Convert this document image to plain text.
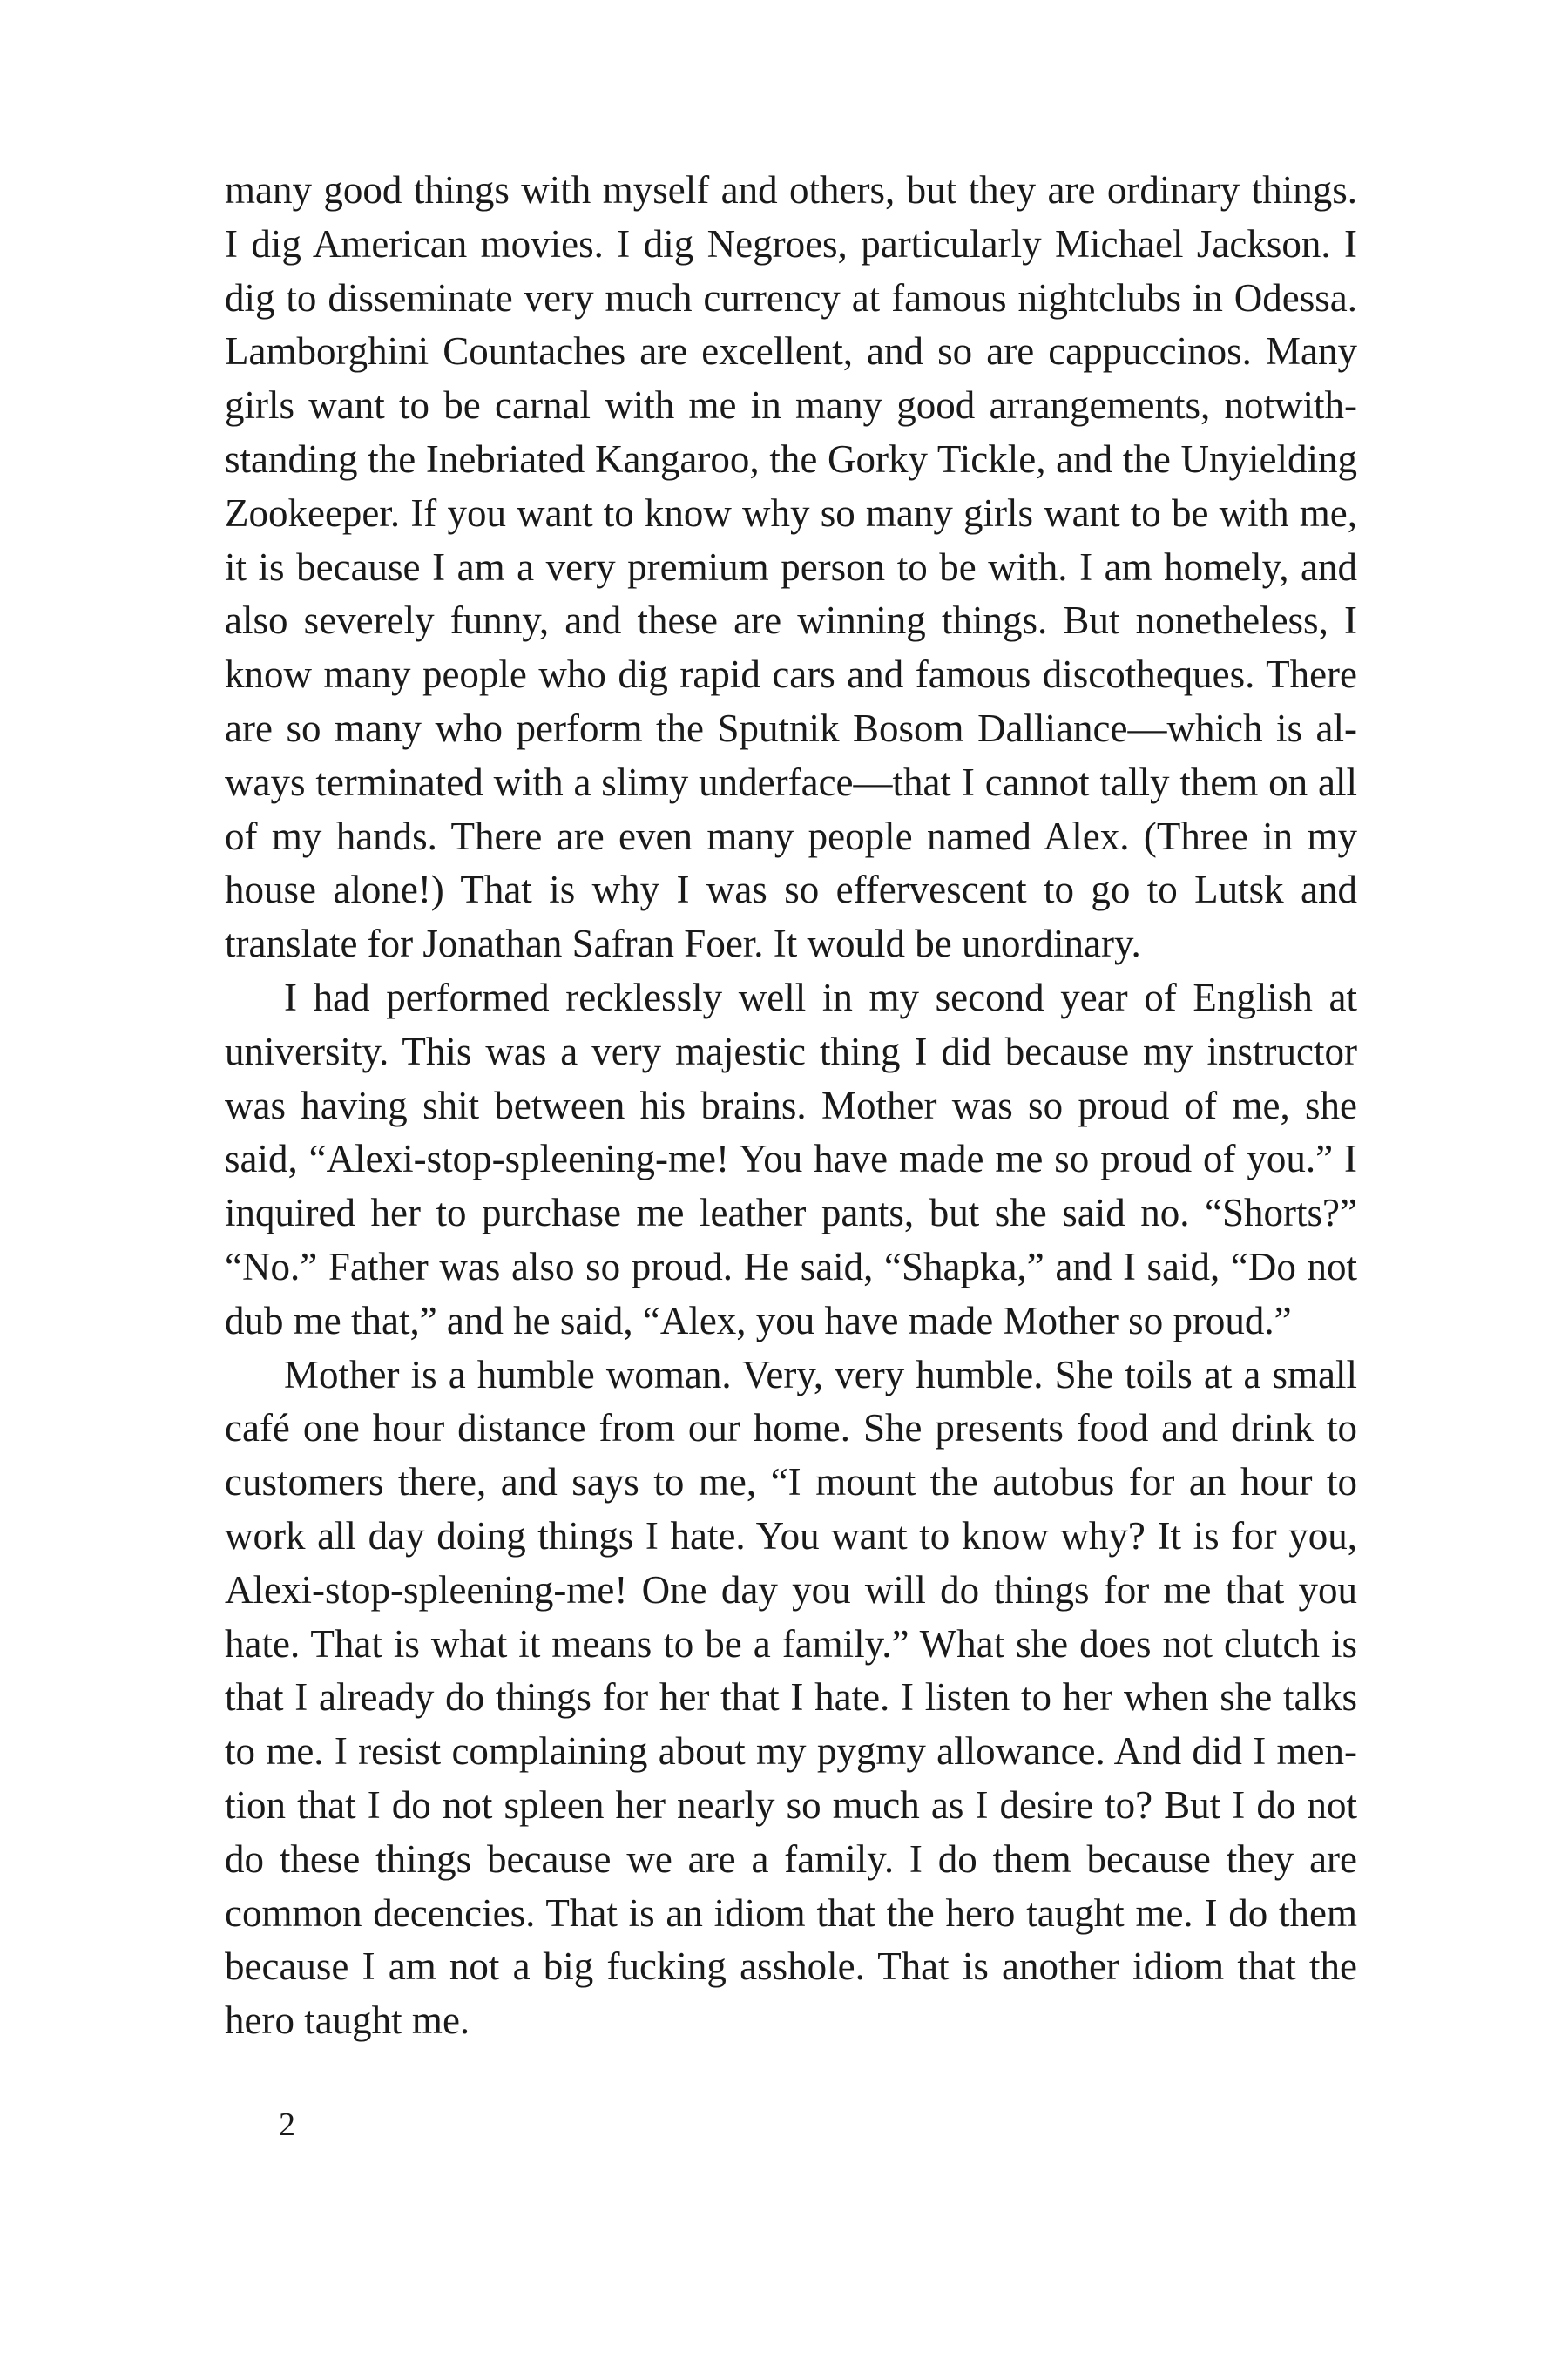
many good things with myself and others, but they are ordinary things. I dig American movies. I dig Negroes, particularly Michael Jackson. I dig to disseminate very much currency at famous nightclubs in Odessa. Lamborghini Countaches are excellent, and so are cappuccinos. Many girls want to be carnal with me in many good arrangements, notwithstanding the Inebriated Kangaroo, the Gorky Tickle, and the Unyielding Zookeeper. If you want to know why so many girls want to be with me, it is because I am a very premium person to be with. I am homely, and also severely funny, and these are winning things. But nonetheless, I know many people who dig rapid cars and famous discotheques. There are so many who perform the Sputnik Bosom Dalliance—which is always terminated with a slimy underface—that I cannot tally them on all of my hands. There are even many people named Alex. (Three in my house alone!) That is why I was so effervescent to go to Lutsk and translate for Jonathan Safran Foer. It would be unordinary.

I had performed recklessly well in my second year of English at university. This was a very majestic thing I did because my instructor was having shit between his brains. Mother was so proud of me, she said, “Alexi-stop-spleening-me! You have made me so proud of you.” I inquired her to purchase me leather pants, but she said no. “Shorts?” “No.” Father was also so proud. He said, “Shapka,” and I said, “Do not dub me that,” and he said, “Alex, you have made Mother so proud.”

Mother is a humble woman. Very, very humble. She toils at a small café one hour distance from our home. She presents food and drink to customers there, and says to me, “I mount the autobus for an hour to work all day doing things I hate. You want to know why? It is for you, Alexi-stop-spleening-me! One day you will do things for me that you hate. That is what it means to be a family.” What she does not clutch is that I already do things for her that I hate. I listen to her when she talks to me. I resist complaining about my pygmy allowance. And did I mention that I do not spleen her nearly so much as I desire to? But I do not do these things because we are a family. I do them because they are common decencies. That is an idiom that the hero taught me. I do them because I am not a big fucking asshole. That is another idiom that the hero taught me.

2
